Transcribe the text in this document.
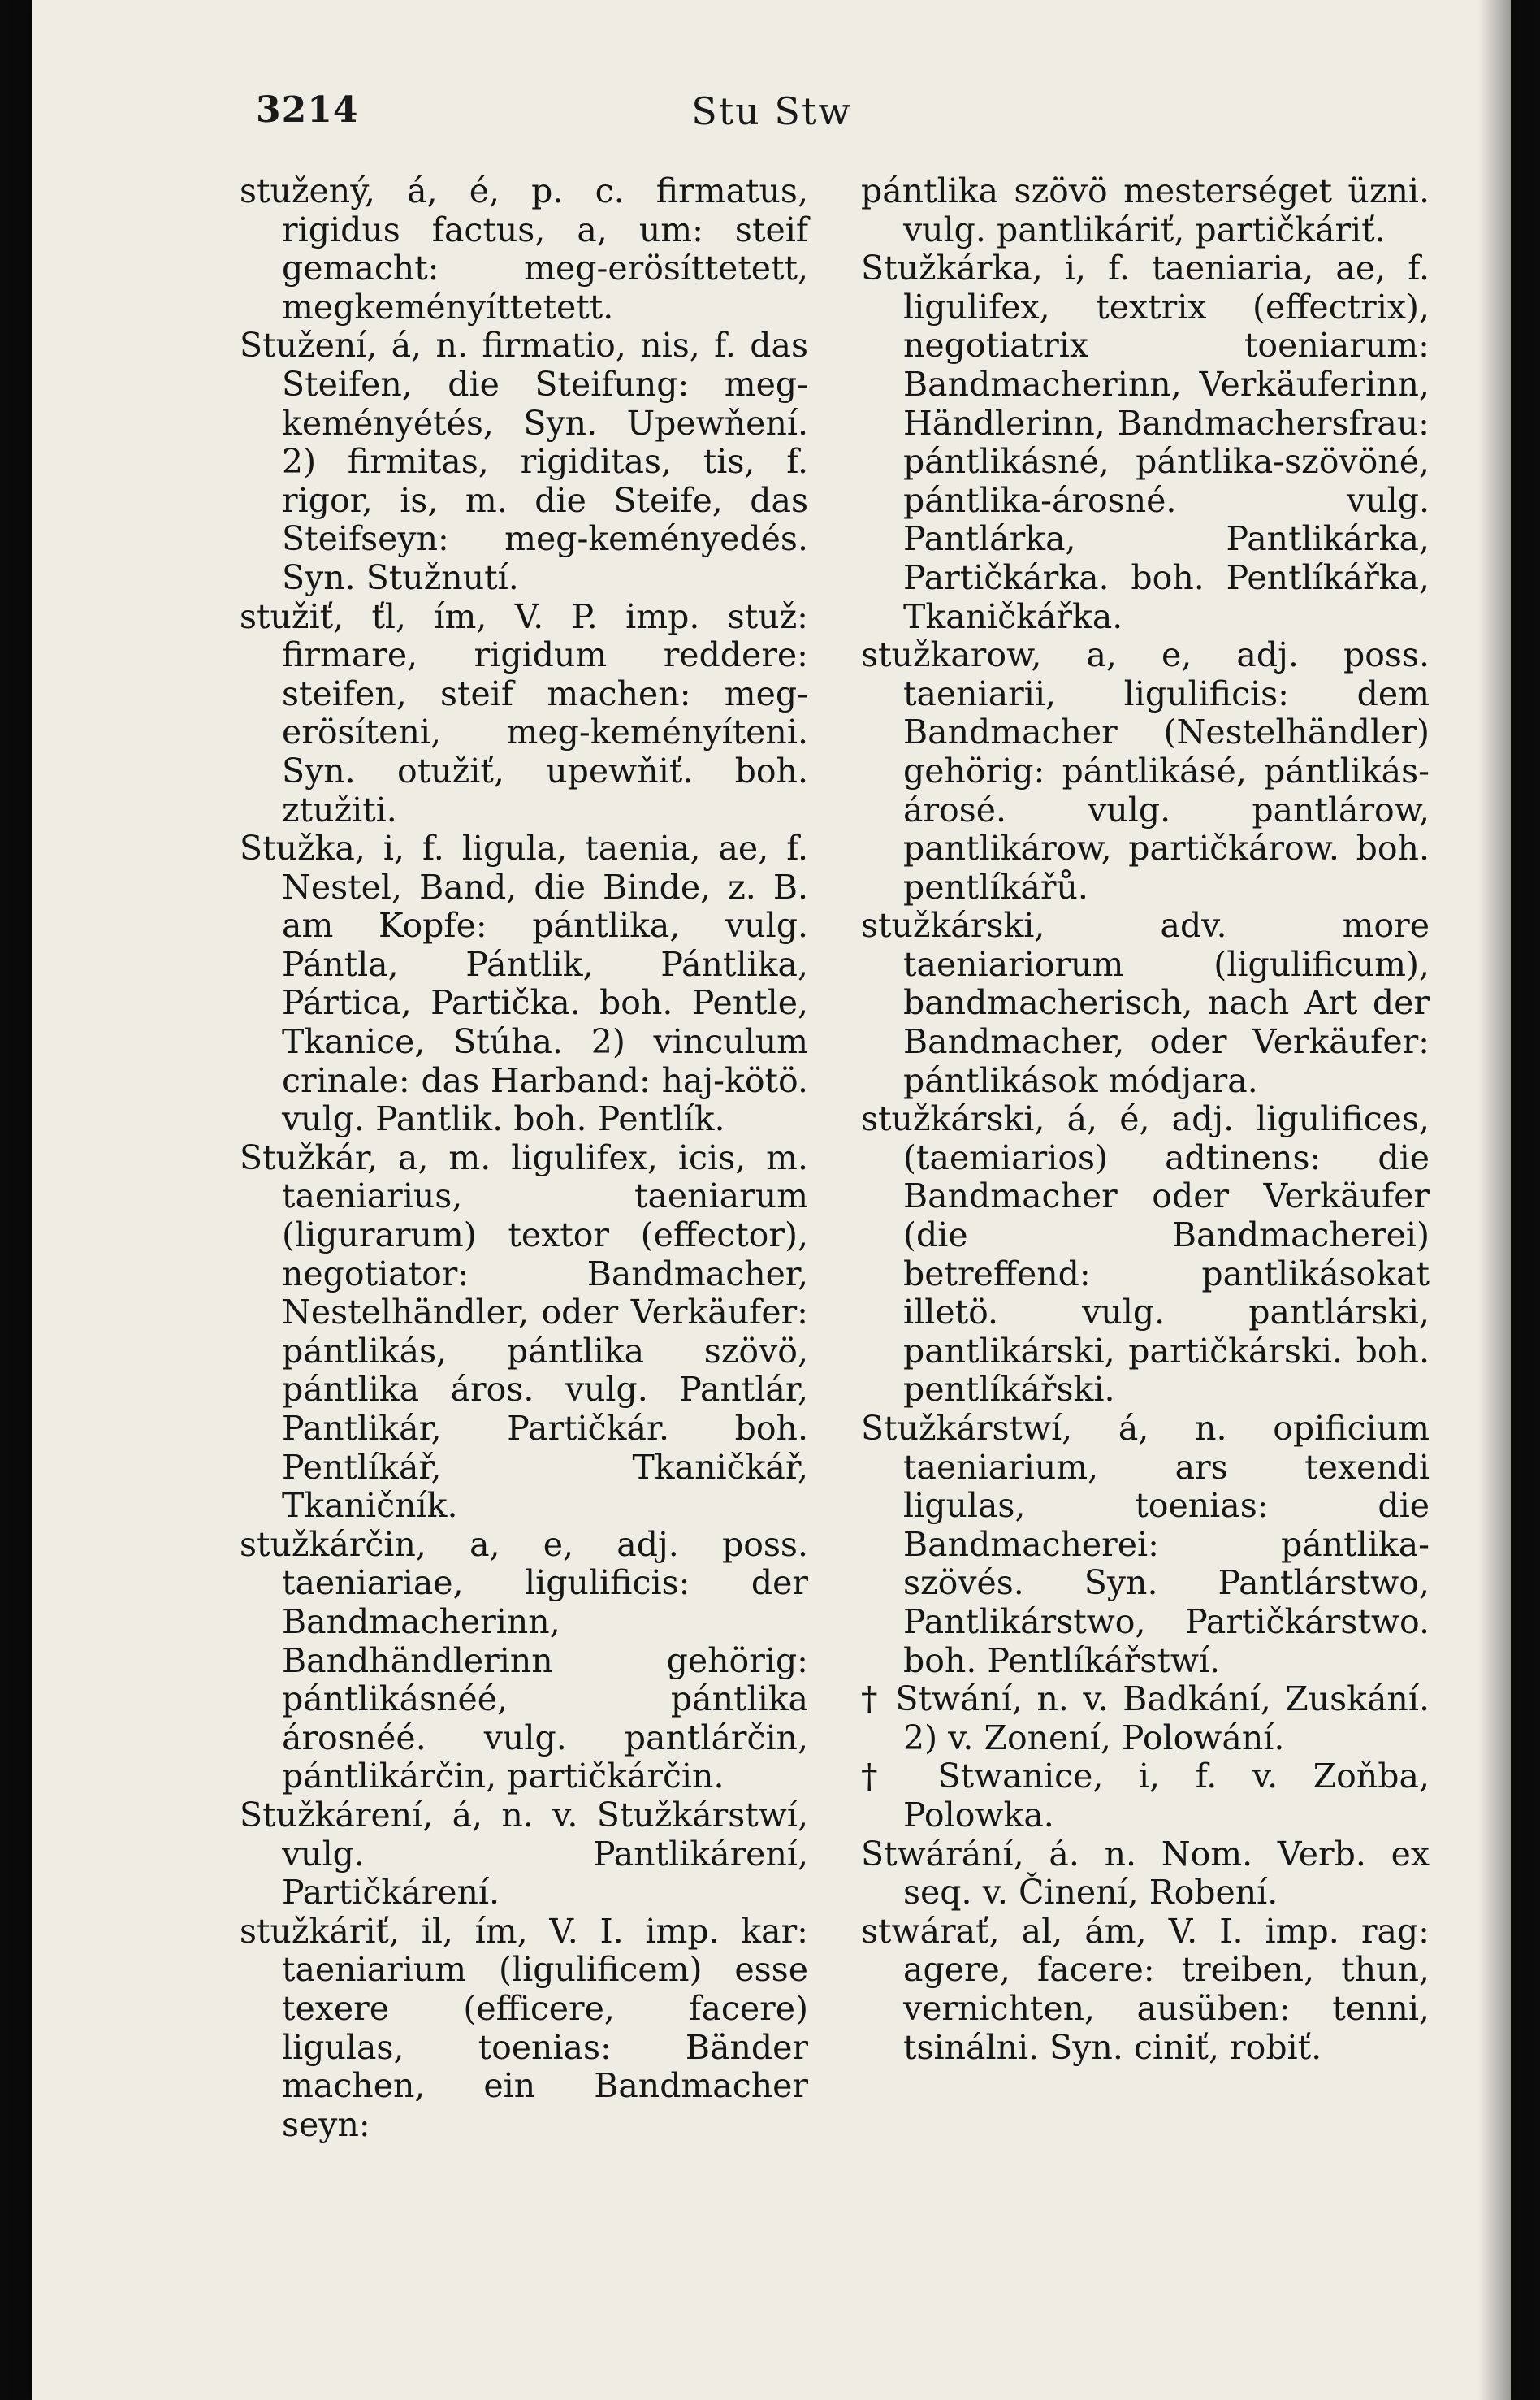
3214	Stu Stw

stužený, á, é, p. c. firmatus, rigidus factus, a, um: steif gemacht: meg-erösíttetett, megkeményíttetett.

Stužení, á, n. firmatio, nis, f. das Steifen, die Steifung: meg-keményétés, Syn. Upewňení. 2) firmitas, rigiditas, tis, f. rigor, is, m. die Steife, das Steifseyn: meg-keményedés. Syn. Stužnutí.

stužiť, ťl, ím, V. P. imp. stuž: firmare, rigidum reddere: steifen, steif machen: meg-erösíteni, meg-keményíteni. Syn. otužiť, upewňiť. boh. ztužiti.

Stužka, i, f. ligula, taenia, ae, f. Nestel, Band, die Binde, z. B. am Kopfe: pántlika, vulg. Pántla, Pántlik, Pántlika, Pártica, Partička. boh. Pentle, Tkanice, Stúha. 2) vinculum crinale: das Harband: haj-kötö. vulg. Pantlik. boh. Pentlík.

Stužkár, a, m. ligulifex, icis, m. taeniarius, taeniarum (ligurarum) textor (effector), negotiator: Bandmacher, Nestelhändler, oder Verkäufer: pántlikás, pántlika szövö, pántlika áros. vulg. Pantlár, Pantlikár, Partičkár. boh. Pentlíkář, Tkaničkář, Tkaničník.

stužkárčin, a, e, adj. poss. taeniariae, ligulificis: der Bandmacherinn, Bandhändlerinn gehörig: pántlikásnéé, pántlika árosnéé. vulg. pantlárčin, pántlikárčin, partičkárčin.

Stužkárení, á, n. v. Stužkárstwí, vulg. Pantlikárení, Partičkárení.

stužkáriť, il, ím, V. I. imp. kar: taeniarium (ligulificem) esse texere (efficere, facere) ligulas, toenias: Bänder machen, ein Bandmacher seyn:

pántlika szövö mesterséget üzni. vulg. pantlikáriť, partičkáriť.

Stužkárka, i, f. taeniaria, ae, f. ligulifex, textrix (effectrix), negotiatrix toeniarum: Bandmacherinn, Verkäuferinn, Händlerinn, Bandmachersfrau: pántlikásné, pántlika-szövöné, pántlika-árosné. vulg. Pantlárka, Pantlikárka, Partičkárka. boh. Pentlíkářka, Tkaničkářka.

stužkarow, a, e, adj. poss. taeniarii, ligulificis: dem Bandmacher (Nestelhändler) gehörig: pántlikásé, pántlikás-árosé. vulg. pantlárow, pantlikárow, partičkárow. boh. pentlíkářů.

stužkárski, adv. more taeniariorum (ligulificum), bandmacherisch, nach Art der Bandmacher, oder Verkäufer: pántlikások módjara.

stužkárski, á, é, adj. ligulifices, (taemiarios) adtinens: die Bandmacher oder Verkäufer (die Bandmacherei) betreffend: pantlikásokat illetö. vulg. pantlárski, pantlikárski, partičkárski. boh. pentlíkářski.

Stužkárstwí, á, n. opificium taeniarium, ars texendi ligulas, toenias: die Bandmacherei: pántlika-szövés. Syn. Pantlárstwo, Pantlikárstwo, Partičkárstwo. boh. Pentlíkářstwí.

† Stwání, n. v. Badkání, Zuskání. 2) v. Zonení, Polowání.

† Stwanice, i, f. v. Zoňba, Polowka.

Stwárání, á. n. Nom. Verb. ex seq. v. Činení, Robení.

stwárať, al, ám, V. I. imp. rag: agere, facere: treiben, thun, vernichten, ausüben: tenni, tsinálni. Syn. ciniť, robiť.
